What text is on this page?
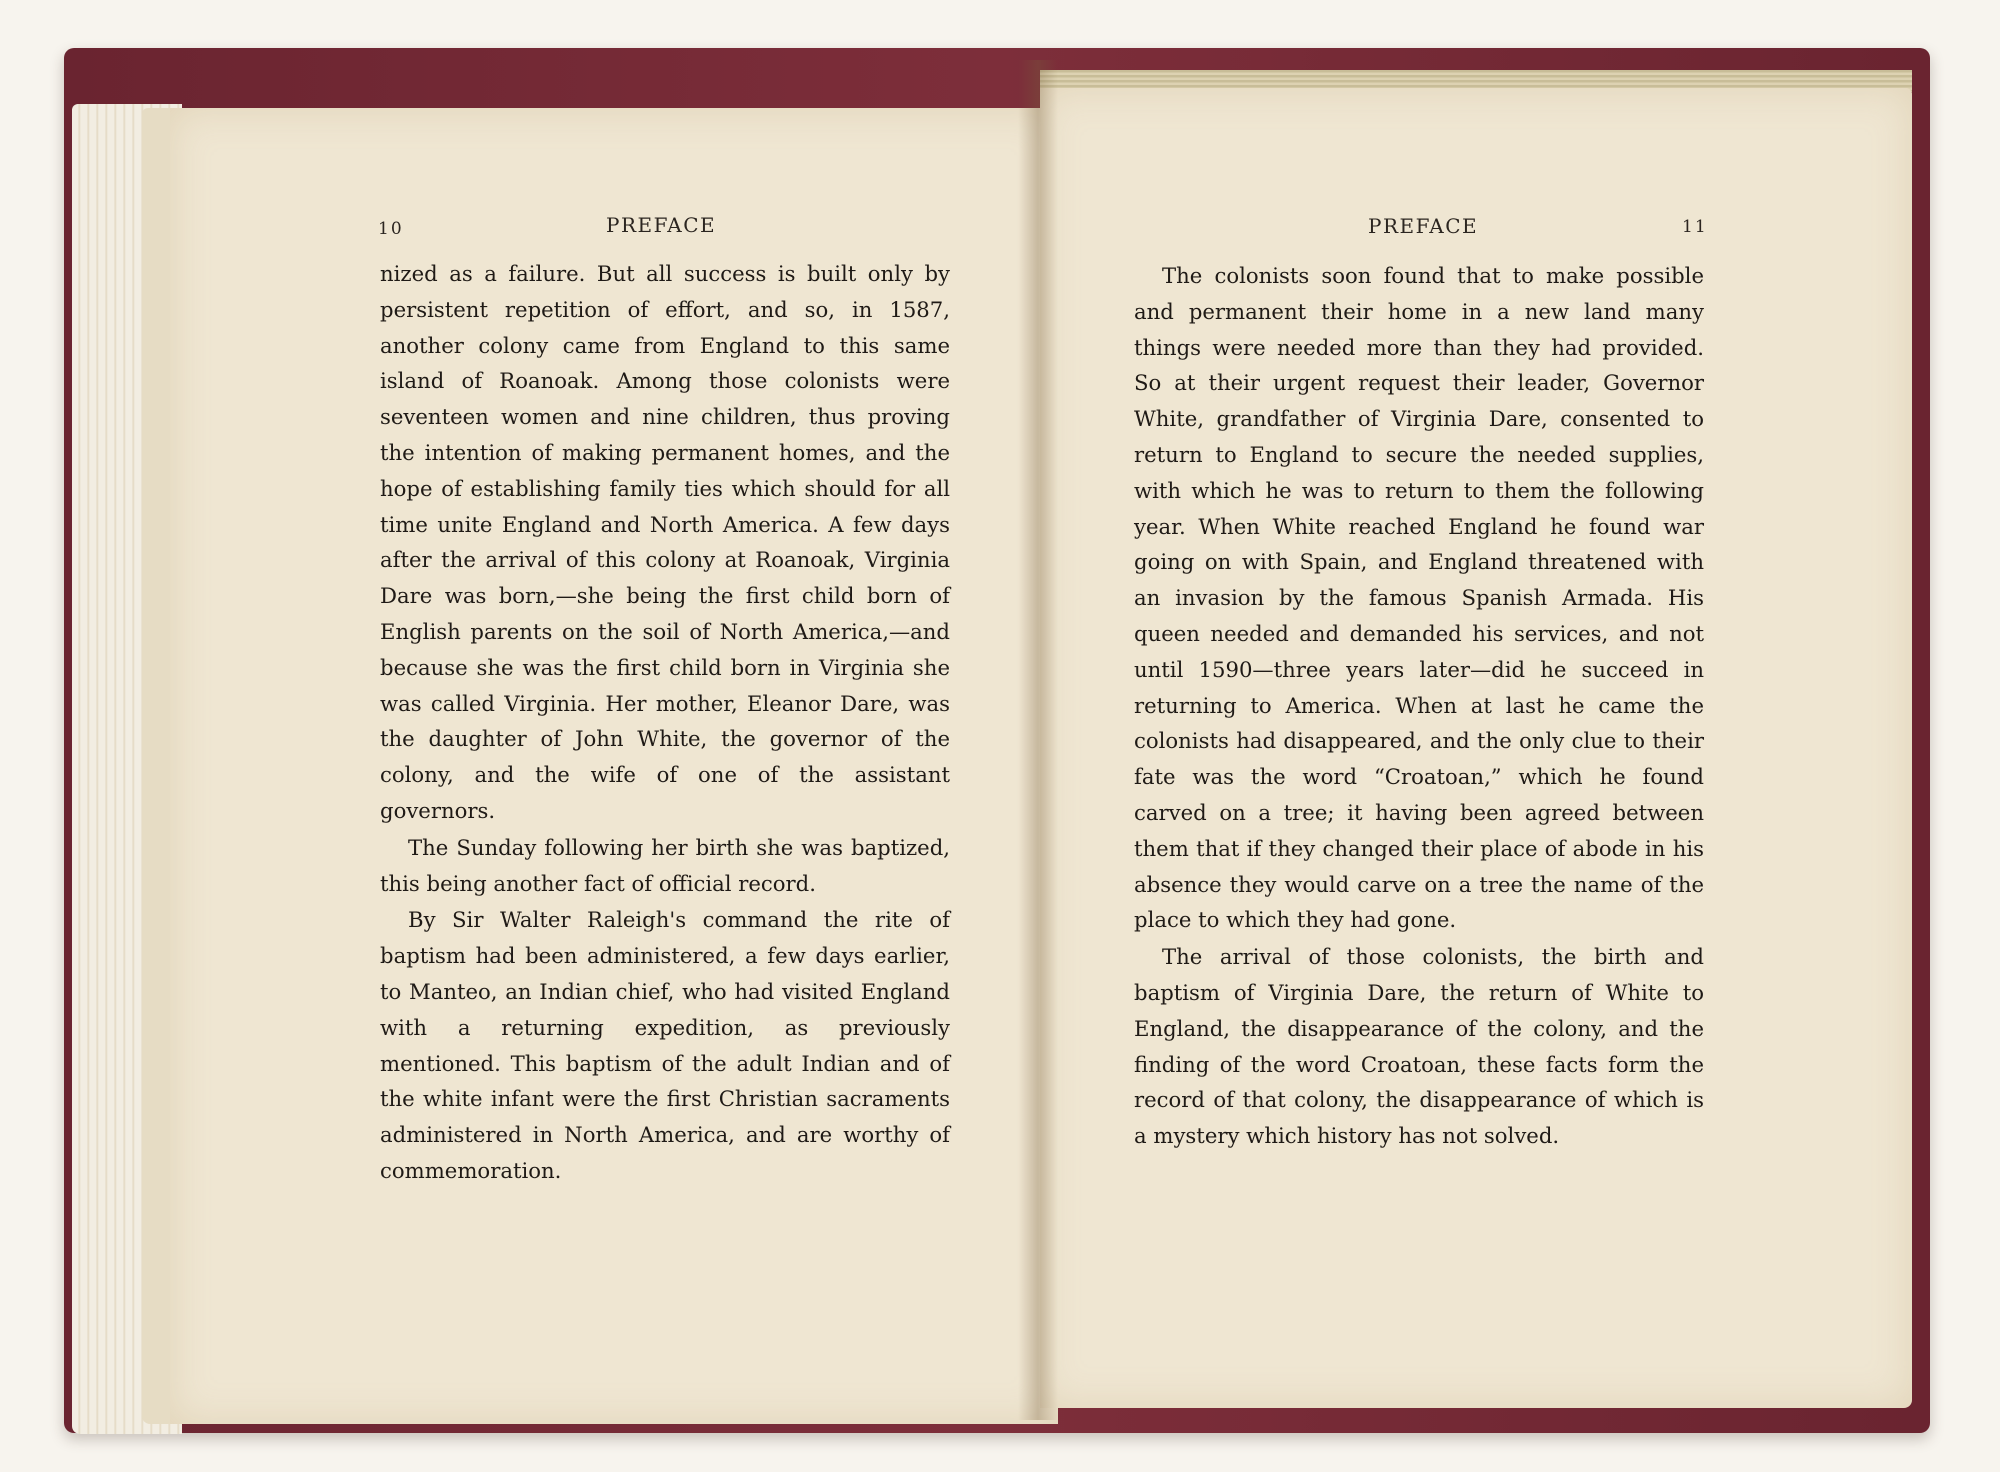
10	PREFACE	PREFACE	11

nized as a failure. But all success is built only by persistent repetition of effort, and so, in 1587, another colony came from England to this same island of Roanoak. Among those colonists were seventeen women and nine children, thus proving the intention of making permanent homes, and the hope of establishing family ties which should for all time unite England and North America. A few days after the arrival of this colony at Roanoak, Virginia Dare was born,—she being the first child born of English parents on the soil of North America,—and because she was the first child born in Virginia she was called Virginia. Her mother, Eleanor Dare, was the daughter of John White, the governor of the colony, and the wife of one of the assistant governors.

The Sunday following her birth she was baptized, this being another fact of official record.

By Sir Walter Raleigh's command the rite of baptism had been administered, a few days earlier, to Manteo, an Indian chief, who had visited England with a returning expedition, as previously mentioned. This baptism of the adult Indian and of the white infant were the first Christian sacraments administered in North America, and are worthy of commemoration.

The colonists soon found that to make possible and permanent their home in a new land many things were needed more than they had provided. So at their urgent request their leader, Governor White, grandfather of Virginia Dare, consented to return to England to secure the needed supplies, with which he was to return to them the following year. When White reached England he found war going on with Spain, and England threatened with an invasion by the famous Spanish Armada. His queen needed and demanded his services, and not until 1590—three years later—did he succeed in returning to America. When at last he came the colonists had disappeared, and the only clue to their fate was the word “Croatoan,” which he found carved on a tree; it having been agreed between them that if they changed their place of abode in his absence they would carve on a tree the name of the place to which they had gone.

The arrival of those colonists, the birth and baptism of Virginia Dare, the return of White to England, the disappearance of the colony, and the finding of the word Croatoan, these facts form the record of that colony, the disappearance of which is a mystery which history has not solved.
